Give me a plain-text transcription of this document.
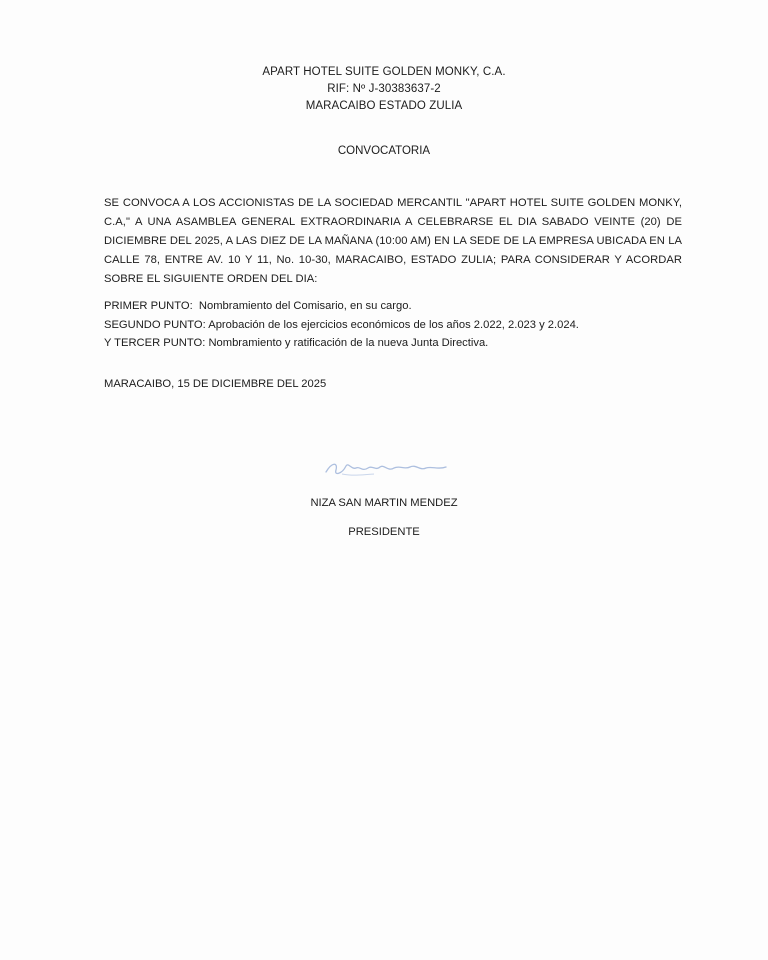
APART HOTEL SUITE GOLDEN MONKY, C.A.
RIF: Nº J-30383637-2
MARACAIBO ESTADO ZULIA
CONVOCATORIA
SE CONVOCA A LOS ACCIONISTAS DE LA SOCIEDAD MERCANTIL "APART HOTEL SUITE GOLDEN MONKY, C.A," A UNA ASAMBLEA GENERAL EXTRAORDINARIA A CELEBRARSE EL DIA SABADO VEINTE (20) DE DICIEMBRE DEL 2025, A LAS DIEZ DE LA MAÑANA (10:00 AM) EN LA SEDE DE LA EMPRESA UBICADA EN LA CALLE 78, ENTRE AV. 10 Y 11, No. 10-30, MARACAIBO, ESTADO ZULIA; PARA CONSIDERAR Y ACORDAR SOBRE EL SIGUIENTE ORDEN DEL DIA:
PRIMER PUNTO: Nombramiento del Comisario, en su cargo.
SEGUNDO PUNTO: Aprobación de los ejercicios económicos de los años 2.022, 2.023 y 2.024.
Y TERCER PUNTO: Nombramiento y ratificación de la nueva Junta Directiva.
MARACAIBO, 15 DE DICIEMBRE DEL 2025
NIZA SAN MARTIN MENDEZ
PRESIDENTE
